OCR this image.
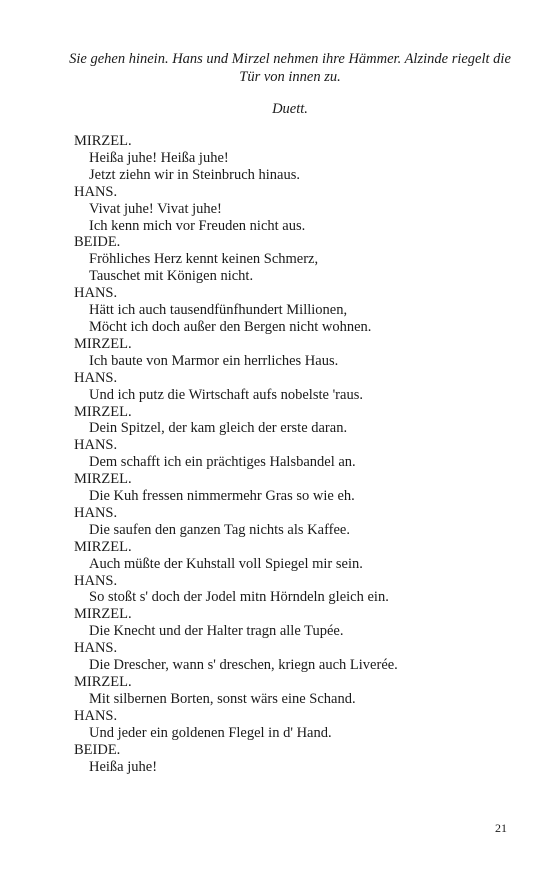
Sie gehen hinein. Hans und Mirzel nehmen ihre Hämmer. Alzinde riegelt die Tür von innen zu.

Duett.

MIRZEL.
Heißa juhe! Heißa juhe!
Jetzt ziehn wir in Steinbruch hinaus.
HANS.
Vivat juhe! Vivat juhe!
Ich kenn mich vor Freuden nicht aus.
BEIDE.
Fröhliches Herz kennt keinen Schmerz,
Tauschet mit Königen nicht.
HANS.
Hätt ich auch tausendfünfhundert Millionen,
Möcht ich doch außer den Bergen nicht wohnen.
MIRZEL.
Ich baute von Marmor ein herrliches Haus.
HANS.
Und ich putz die Wirtschaft aufs nobelste 'raus.
MIRZEL.
Dein Spitzel, der kam gleich der erste daran.
HANS.
Dem schafft ich ein prächtiges Halsbandel an.
MIRZEL.
Die Kuh fressen nimmermehr Gras so wie eh.
HANS.
Die saufen den ganzen Tag nichts als Kaffee.
MIRZEL.
Auch müßte der Kuhstall voll Spiegel mir sein.
HANS.
So stoßt s' doch der Jodel mitn Hörndeln gleich ein.
MIRZEL.
Die Knecht und der Halter tragn alle Tupée.
HANS.
Die Drescher, wann s' dreschen, kriegn auch Liverée.
MIRZEL.
Mit silbernen Borten, sonst wärs eine Schand.
HANS.
Und jeder ein goldenen Flegel in d' Hand.
BEIDE.
Heißa juhe!
21
